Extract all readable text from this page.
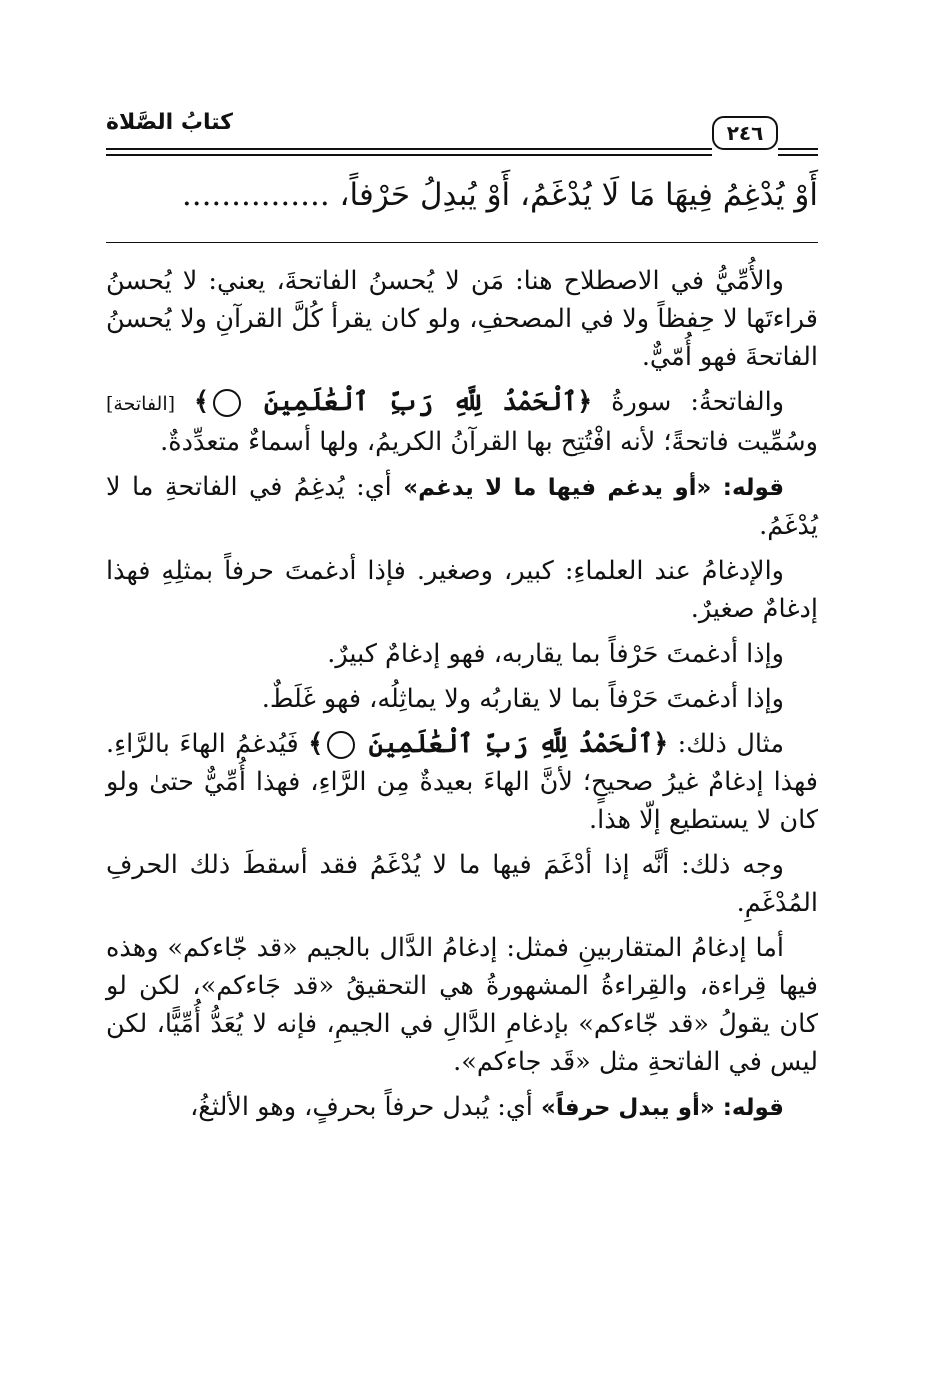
كتابُ الصَّلاة	٢٤٦
أَوْ يُدْغِمُ فِيهَا مَا لَا يُدْغَمُ، أَوْ يُبدِلُ حَرْفاً، ...............

والأُمِّيُّ في الاصطلاح هنا: مَن لا يُحسنُ الفاتحةَ، يعني: لا يُحسنُ قراءتَها لا حِفظاً ولا في المصحفِ، ولو كان يقرأ كُلَّ القرآنِ ولا يُحسنُ الفاتحةَ فهو أُمّيٌّ.

والفاتحةُ: سورةُ ﴿ٱلْحَمْدُ لِلَّهِ رَبِّ ٱلْعَٰلَمِينَ ﴾ [الفاتحة] وسُمِّيت فاتحةً؛ لأنه افْتُتِح بها القرآنُ الكريمُ، ولها أسماءٌ متعدِّدةٌ.

قوله: «أو يدغم فيها ما لا يدغم» أي: يُدغِمُ في الفاتحةِ ما لا يُدْغَمُ.

والإدغامُ عند العلماءِ: كبير، وصغير. فإذا أدغمتَ حرفاً بمثلِهِ فهذا إدغامٌ صغيرٌ.

وإذا أدغمتَ حَرْفاً بما يقاربه، فهو إدغامٌ كبيرٌ.

وإذا أدغمتَ حَرْفاً بما لا يقاربُه ولا يماثِلُه، فهو غَلَطٌ.

مثال ذلك: ﴿ٱلْحَمْدُ لِلَّهِ رَبِّ ٱلْعَٰلَمِينَ ﴾ فَيُدغمُ الهاءَ بالرَّاءِ. فهذا إدغامٌ غيرُ صحيحٍ؛ لأنَّ الهاءَ بعيدةٌ مِن الرَّاءِ، فهذا أُمِّيٌّ حتىٰ ولو كان لا يستطيع إلّا هذا.

وجه ذلك: أنَّه إذا أدْغَمَ فيها ما لا يُدْغَمُ فقد أسقطَ ذلك الحرفِ المُدْغَمِ.

أما إدغامُ المتقاربينِ فمثل: إدغامُ الدَّال بالجيم «قد جّاءكم» وهذه فيها قِراءة، والقِراءةُ المشهورةُ هي التحقيقُ «قد جَاءكم»، لكن لو كان يقولُ «قد جّاءكم» بإدغامِ الدَّالِ في الجيمِ، فإنه لا يُعَدُّ أُمِّيًّا، لكن ليس في الفاتحةِ مثل «قَد جاءكم».

قوله: «أو يبدل حرفاً» أي: يُبدل حرفاً بحرفٍ، وهو الألثغُ،
